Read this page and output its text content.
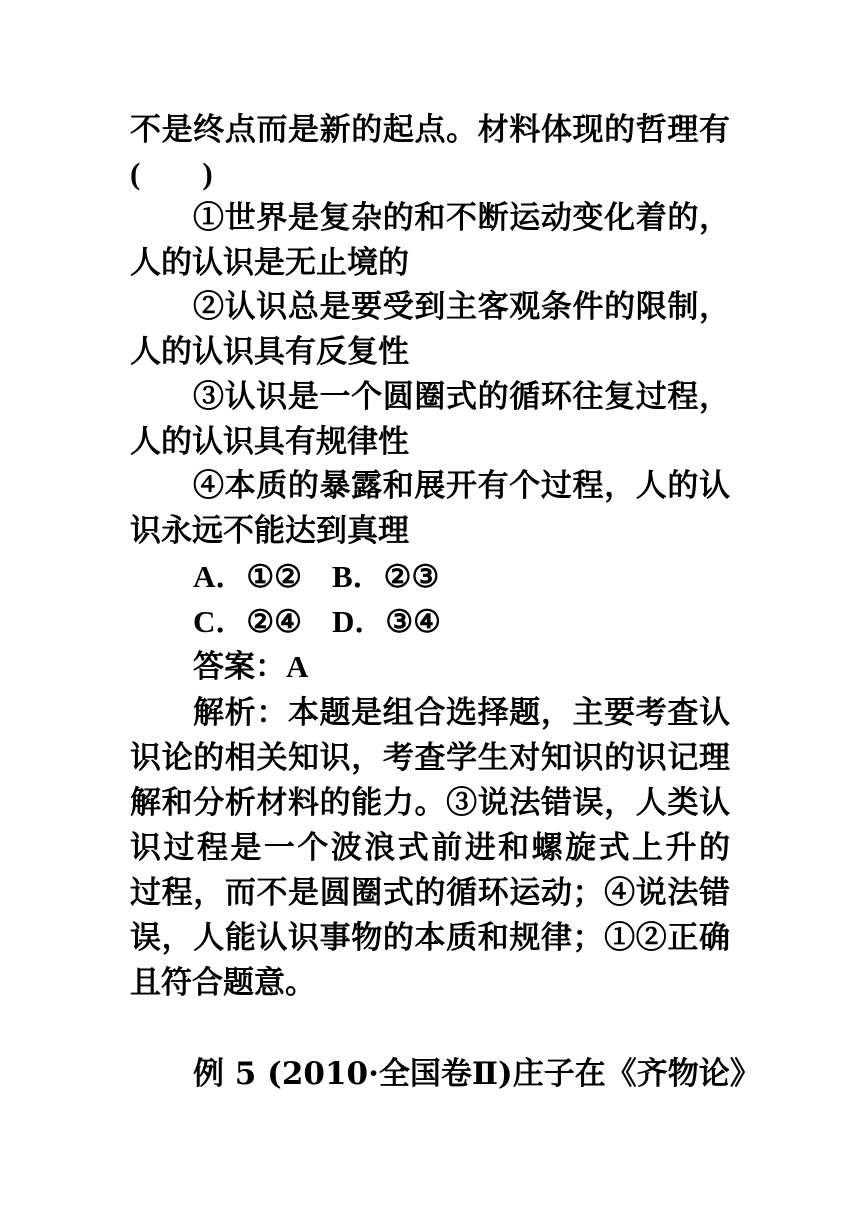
不是终点而是新的起点。材料体现的哲理有
( )
①世界是复杂的和不断运动变化着的，
人的认识是无止境的
②认识总是要受到主客观条件的限制，
人的认识具有反复性
③认识是一个圆圈式的循环往复过程，
人的认识具有规律性
④本质的暴露和展开有个过程，人的认
识永远不能达到真理
A．①② B．②③
C．②④ D．③④
答案：A
解析：本题是组合选择题，主要考查认
识论的相关知识，考查学生对知识的识记理
解和分析材料的能力。③说法错误，人类认
识过程是一个波浪式前进和螺旋式上升的
过程，而不是圆圈式的循环运动；④说法错
误，人能认识事物的本质和规律；①②正确
且符合题意。
例 5 (2010·全国卷Ⅱ)庄子在《齐物论》
